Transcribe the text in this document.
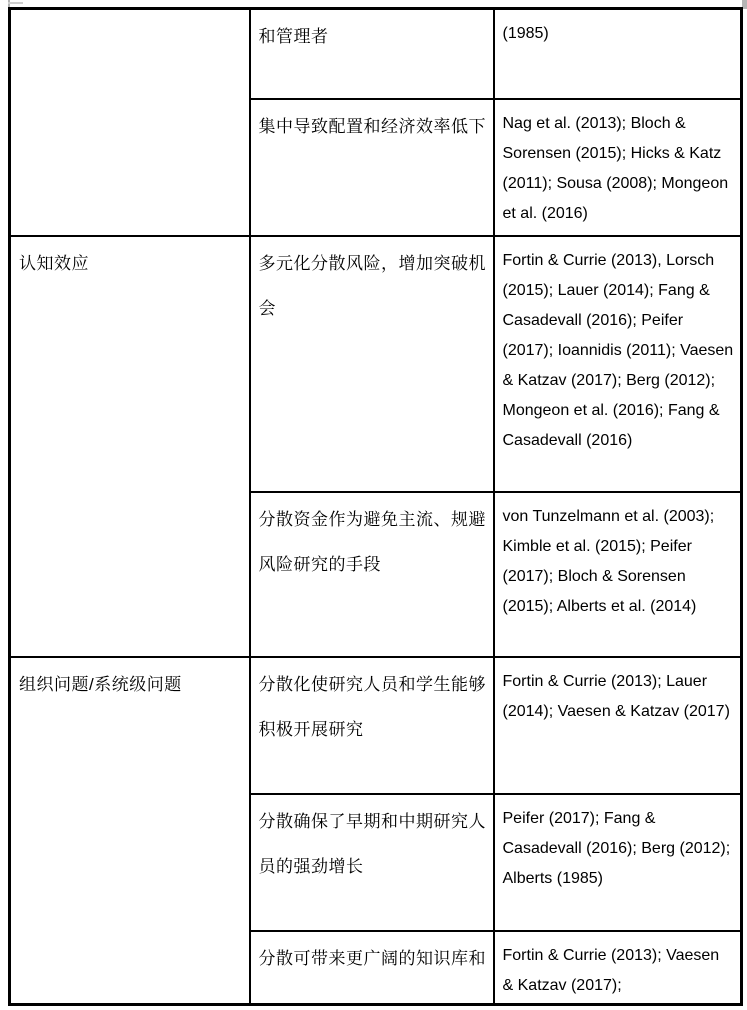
	和管理者	(1985)
	集中导致配置和经济效率低下	Nag et al. (2013); Bloch & Sorensen (2015); Hicks & Katz (2011); Sousa (2008); Mongeon et al. (2016)
认知效应	多元化分散风险，增加突破机会	Fortin & Currie (2013), Lorsch (2015); Lauer (2014); Fang & Casadevall (2016); Peifer (2017); Ioannidis (2011); Vaesen & Katzav (2017); Berg (2012); Mongeon et al. (2016); Fang & Casadevall (2016)
	分散资金作为避免主流、规避风险研究的手段	von Tunzelmann et al. (2003); Kimble et al. (2015); Peifer (2017); Bloch & Sorensen (2015); Alberts et al. (2014)
组织问题/系统级问题	分散化使研究人员和学生能够积极开展研究	Fortin & Currie (2013); Lauer (2014); Vaesen & Katzav (2017)
	分散确保了早期和中期研究人员的强劲增长	Peifer (2017); Fang & Casadevall (2016); Berg (2012); Alberts (1985)
	分散可带来更广阔的知识库和	Fortin & Currie (2013); Vaesen & Katzav (2017);
